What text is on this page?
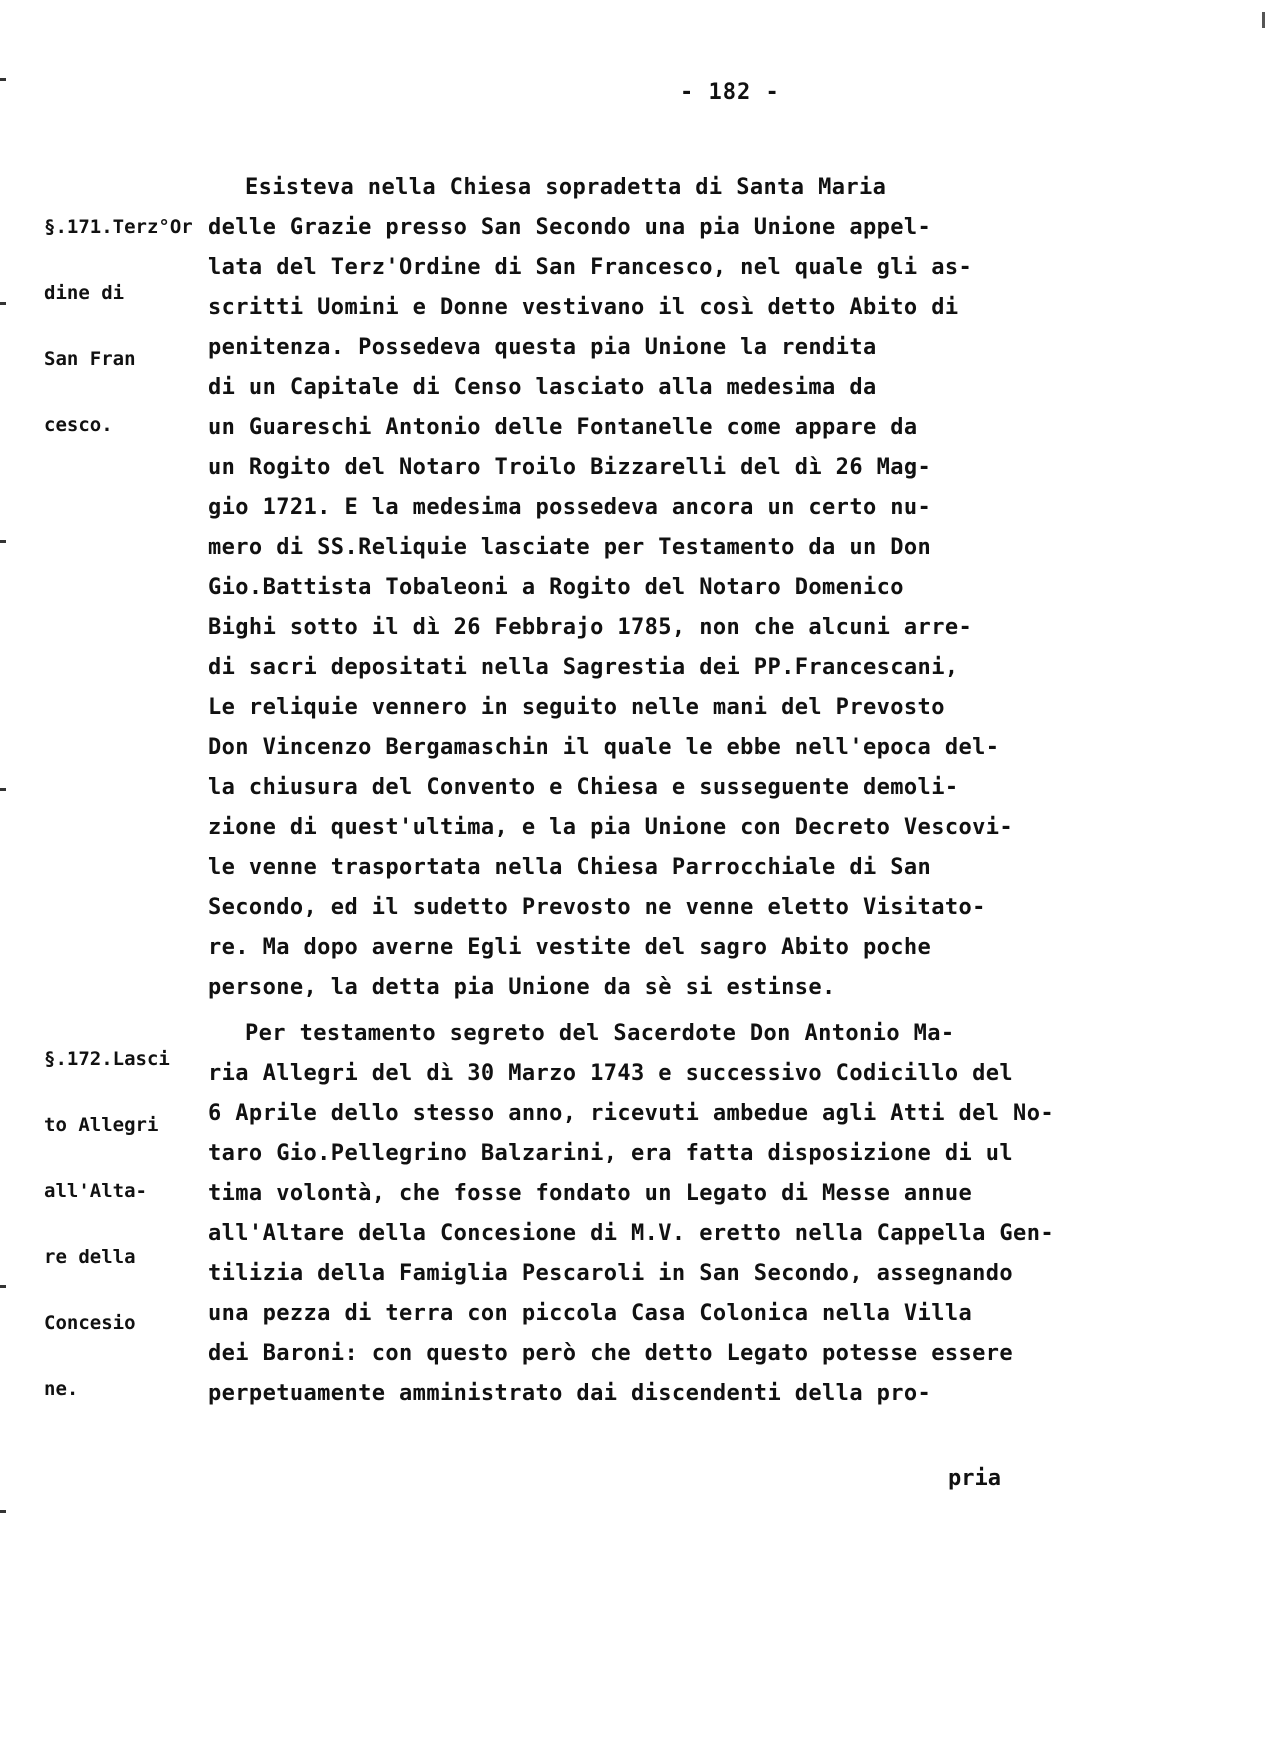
- 182 -

§.171.Terz°Or

dine di

San Fran

cesco.

§.172.Lasci

to Allegri

all'Alta-

re della

Concesio

ne.

Esisteva nella Chiesa sopradetta di Santa Maria
delle Grazie presso San Secondo una pia Unione appel-
lata del Terz'Ordine di San Francesco, nel quale gli as-
scritti Uomini e Donne vestivano il così detto Abito di
penitenza. Possedeva questa pia Unione la rendita
di un Capitale di Censo lasciato alla medesima da
un Guareschi Antonio delle Fontanelle come appare da
un Rogito del Notaro Troilo Bizzarelli del dì 26 Mag-
gio 1721. E la medesima possedeva ancora un certo nu-
mero di SS.Reliquie lasciate per Testamento da un Don
Gio.Battista Tobaleoni a Rogito del Notaro Domenico
Bighi sotto il dì 26 Febbrajo 1785, non che alcuni arre-
di sacri depositati nella Sagrestia dei PP.Francescani,
Le reliquie vennero in seguito nelle mani del Prevosto
Don Vincenzo Bergamaschin il quale le ebbe nell'epoca del-
la chiusura del Convento e Chiesa e susseguente demoli-
zione di quest'ultima, e la pia Unione con Decreto Vescovi-
le venne trasportata nella Chiesa Parrocchiale di San
Secondo, ed il sudetto Prevosto ne venne eletto Visitato-
re. Ma dopo averne Egli vestite del sagro Abito poche
persone, la detta pia Unione da sè si estinse.
Per testamento segreto del Sacerdote Don Antonio Ma-
ria Allegri del dì 30 Marzo 1743 e successivo Codicillo del
6 Aprile dello stesso anno, ricevuti ambedue agli Atti del No-
taro Gio.Pellegrino Balzarini, era fatta disposizione di ul
tima volontà, che fosse fondato un Legato di Messe annue
all'Altare della Concesione di M.V. eretto nella Cappella Gen-
tilizia della Famiglia Pescaroli in San Secondo, assegnando
una pezza di terra con piccola Casa Colonica nella Villa
dei Baroni: con questo però che detto Legato potesse essere
perpetuamente amministrato dai discendenti della pro-
pria
